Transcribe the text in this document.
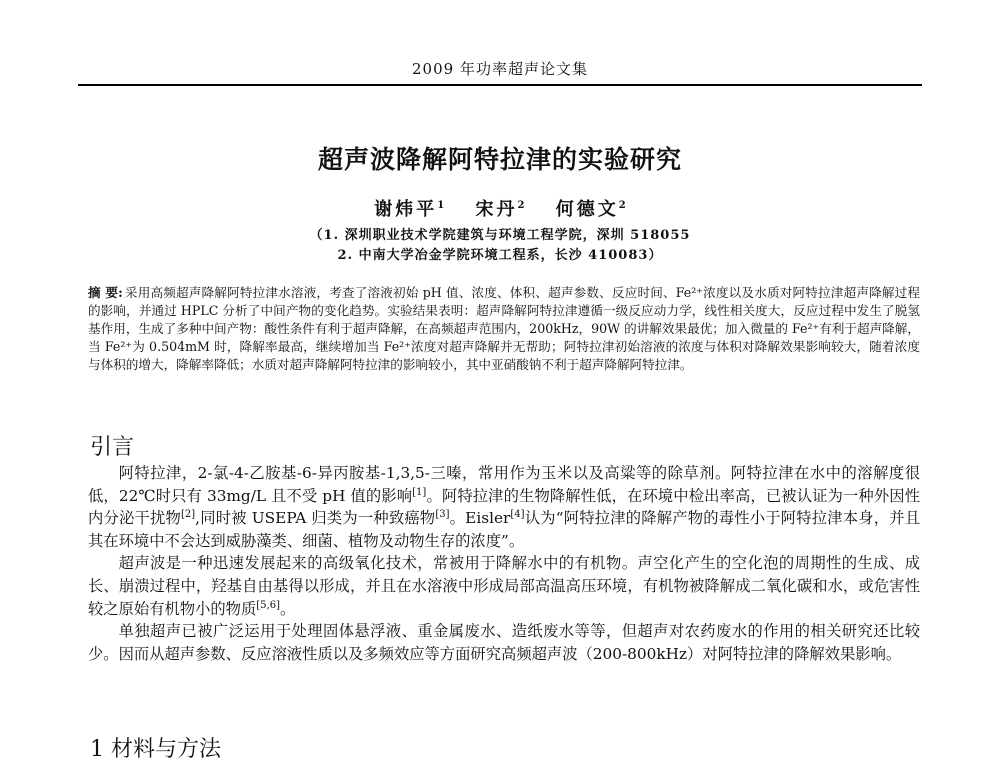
2009 年功率超声论文集
超声波降解阿特拉津的实验研究
谢炜平$^1$ 宋丹$^2$ 何德文$^2$
（1. 深圳职业技术学院建筑与环境工程学院，深圳 518055
2. 中南大学冶金学院环境工程系，长沙 410083）
摘 要: 采用高频超声降解阿特拉津水溶液，考查了溶液初始 pH 值、浓度、体积、超声参数、反应时间、Fe²⁺浓度以及水质对阿特拉津超声降解过程的影响，并通过 HPLC 分析了中间产物的变化趋势。实验结果表明：超声降解阿特拉津遵循一级反应动力学，线性相关度大，反应过程中发生了脱氢基作用，生成了多种中间产物：酸性条件有利于超声降解，在高频超声范围内，200kHz，90W 的讲解效果最优；加入微量的 Fe²⁺有利于超声降解，当 Fe²⁺为 0.504mM 时，降解率最高，继续增加当 Fe²⁺浓度对超声降解并无帮助；阿特拉津初始溶液的浓度与体积对降解效果影响较大，随着浓度与体积的增大，降解率降低；水质对超声降解阿特拉津的影响较小，其中亚硝酸钠不利于超声降解阿特拉津。
引言

阿特拉津，2-氯-4-乙胺基-6-异丙胺基-1,3,5-三嗪，常用作为玉米以及高粱等的除草剂。阿特拉津在水中的溶解度很低，22℃时只有 33mg/L 且不受 pH 值的影响[1]。阿特拉津的生物降解性低，在环境中检出率高，已被认证为一种外因性内分泌干扰物[2],同时被 USEPA 归类为一种致癌物[3]。Eisler[4]认为“阿特拉津的降解产物的毒性小于阿特拉津本身，并且其在环境中不会达到威胁藻类、细菌、植物及动物生存的浓度”。

超声波是一种迅速发展起来的高级氧化技术，常被用于降解水中的有机物。声空化产生的空化泡的周期性的生成、成长、崩溃过程中，羟基自由基得以形成，并且在水溶液中形成局部高温高压环境，有机物被降解成二氧化碳和水，或危害性较之原始有机物小的物质[5,6]。

单独超声已被广泛运用于处理固体悬浮液、重金属废水、造纸废水等等，但超声对农药废水的作用的相关研究还比较少。因而从超声参数、反应溶液性质以及多频效应等方面研究高频超声波（200-800kHz）对阿特拉津的降解效果影响。

1 材料与方法
